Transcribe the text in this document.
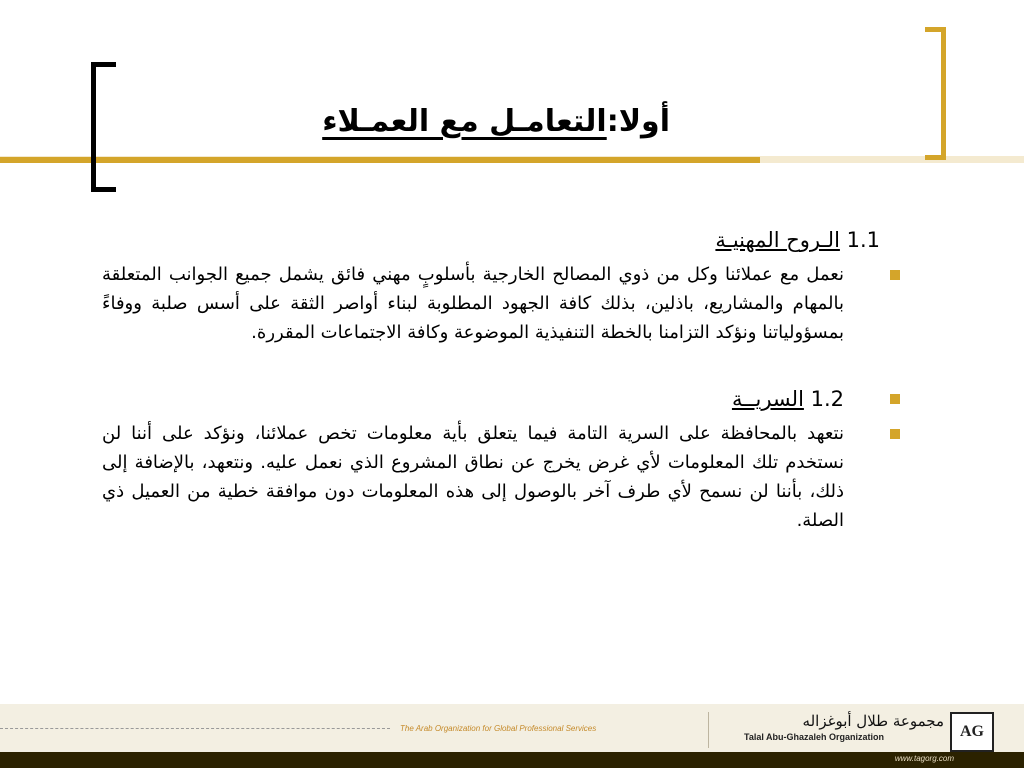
أولا:التعامـل مع العمـلاء
1.1 الـروح المهنيـة
نعمل مع عملائنا وكل من ذوي المصالح الخارجية بأسلوبٍ مهني فائق يشمل جميع الجوانب المتعلقة بالمهام والمشاريع، باذلين، بذلك كافة الجهود المطلوبة لبناء أواصر الثقة على أسس صلبة ووفاءً بمسؤولياتنا ونؤكد التزامنا بالخطة التنفيذية الموضوعة وكافة الاجتماعات المقررة.
1.2 السريــة
نتعهد بالمحافظة على السرية التامة فيما يتعلق بأية معلومات تخص عملائنا، ونؤكد على أننا لن نستخدم تلك المعلومات لأي غرض يخرج عن نطاق المشروع الذي نعمل عليه. ونتعهد، بالإضافة إلى ذلك، بأننا لن نسمح لأي طرف آخر بالوصول إلى هذه المعلومات دون موافقة خطية من العميل ذي الصلة.
The Arab Organization for Global Professional Services	مجموعة طلال أبوغزاله
Talal Abu-Ghazaleh Organization	AG
www.tagorg.com
